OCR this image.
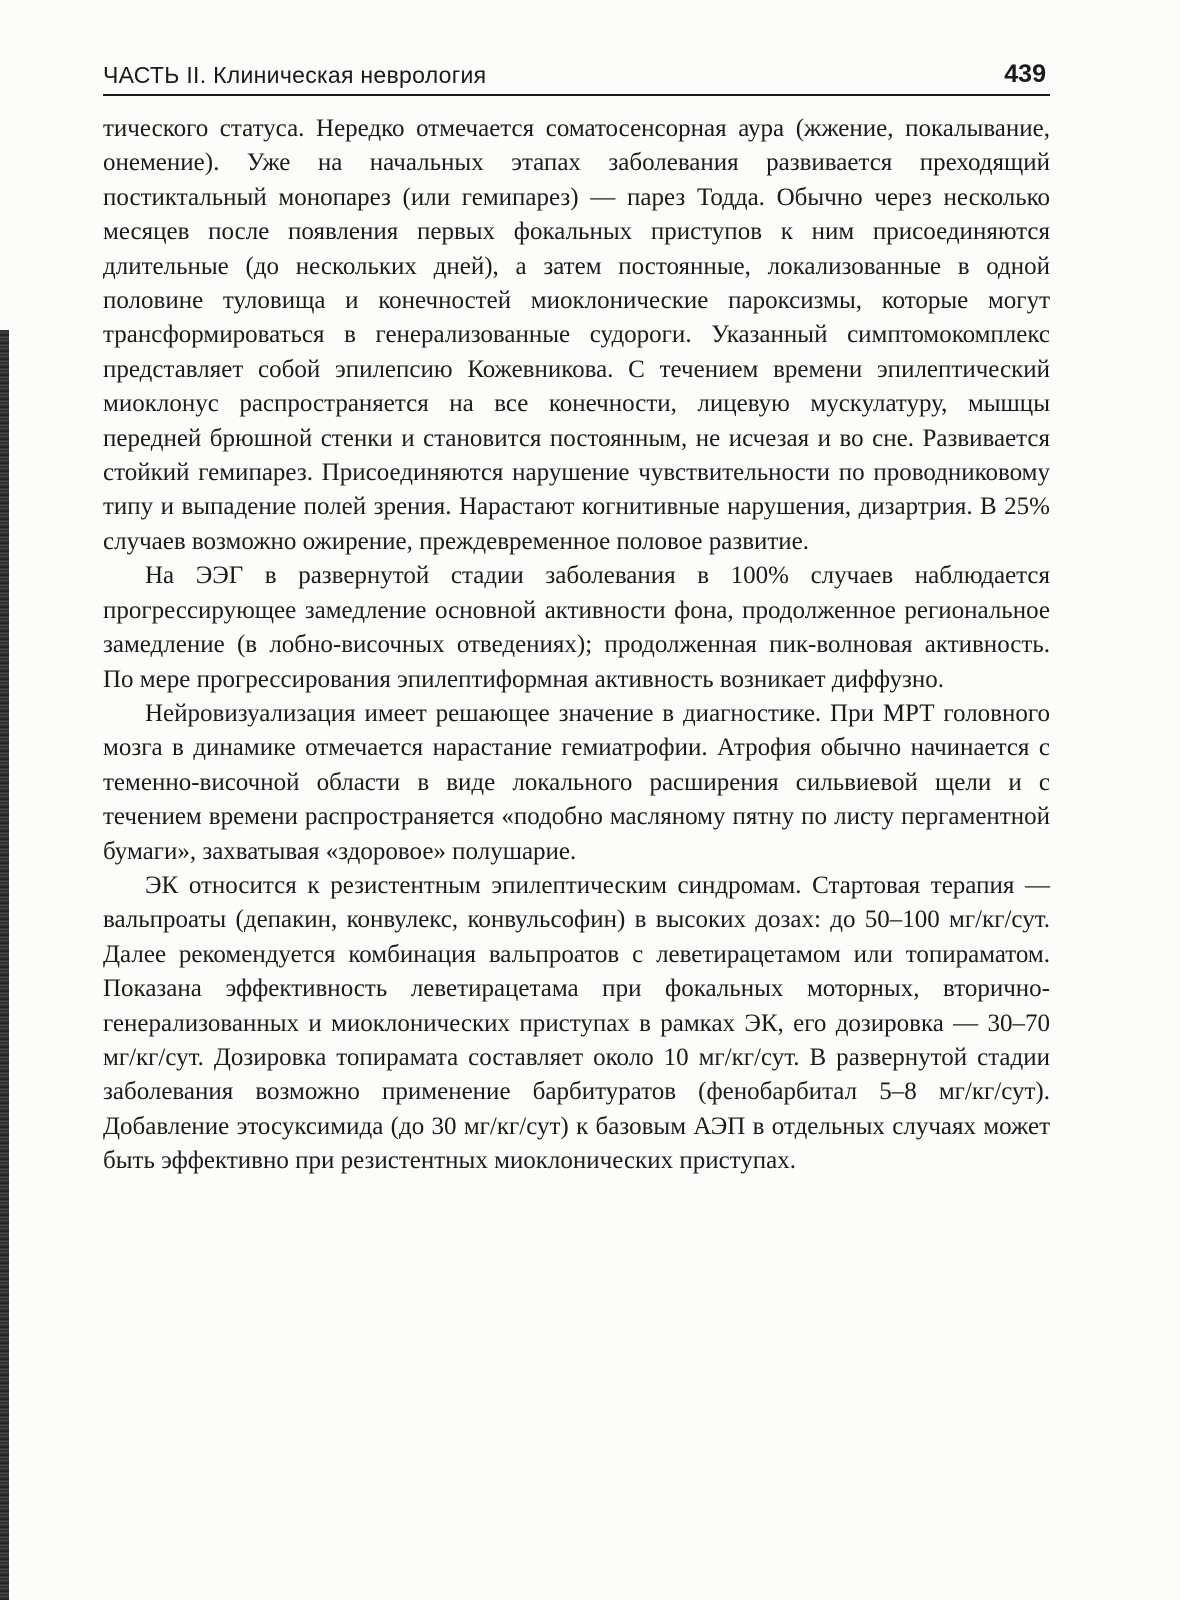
ЧАСТЬ II. Клиническая неврология	439

тического статуса. Нередко отмечается соматосенсорная аура (жжение, покалывание, онемение). Уже на начальных этапах заболевания развивается преходящий постиктальный монопарез (или гемипарез) — парез Тодда. Обычно через несколько месяцев после появления первых фокальных приступов к ним присоединяются длительные (до нескольких дней), а затем постоянные, локализованные в одной половине туловища и конечностей миоклонические пароксизмы, которые могут трансформироваться в генерализованные судороги. Указанный симптомокомплекс представляет собой эпилепсию Кожевникова. С течением времени эпилептический миоклонус распространяется на все конечности, лицевую мускулатуру, мышцы передней брюшной стенки и становится постоянным, не исчезая и во сне. Развивается стойкий гемипарез. Присоединяются нарушение чувствительности по проводниковому типу и выпадение полей зрения. Нарастают когнитивные нарушения, дизартрия. В 25% случаев возможно ожирение, преждевременное половое развитие.

На ЭЭГ в развернутой стадии заболевания в 100% случаев наблюдается прогрессирующее замедление основной активности фона, продолженное региональное замедление (в лобно-височных отведениях); продолженная пик-волновая активность. По мере прогрессирования эпилептиформная активность возникает диффузно.

Нейровизуализация имеет решающее значение в диагностике. При МРТ головного мозга в динамике отмечается нарастание гемиатрофии. Атрофия обычно начинается с теменно-височной области в виде локального расширения сильвиевой щели и с течением времени распространяется «подобно масляному пятну по листу пергаментной бумаги», захватывая «здоровое» полушарие.

ЭК относится к резистентным эпилептическим синдромам. Стартовая терапия — вальпроаты (депакин, конвулекс, конвульсофин) в высоких дозах: до 50–100 мг/кг/сут. Далее рекомендуется комбинация вальпроатов с леветирацетамом или топираматом. Показана эффективность леветирацетама при фокальных моторных, вторично-генерализованных и миоклонических приступах в рамках ЭК, его дозировка — 30–70 мг/кг/сут. Дозировка топирамата составляет около 10 мг/кг/сут. В развернутой стадии заболевания возможно применение барбитуратов (фенобарбитал 5–8 мг/кг/сут). Добавление этосуксимида (до 30 мг/кг/сут) к базовым АЭП в отдельных случаях может быть эффективно при резистентных миоклонических приступах.
